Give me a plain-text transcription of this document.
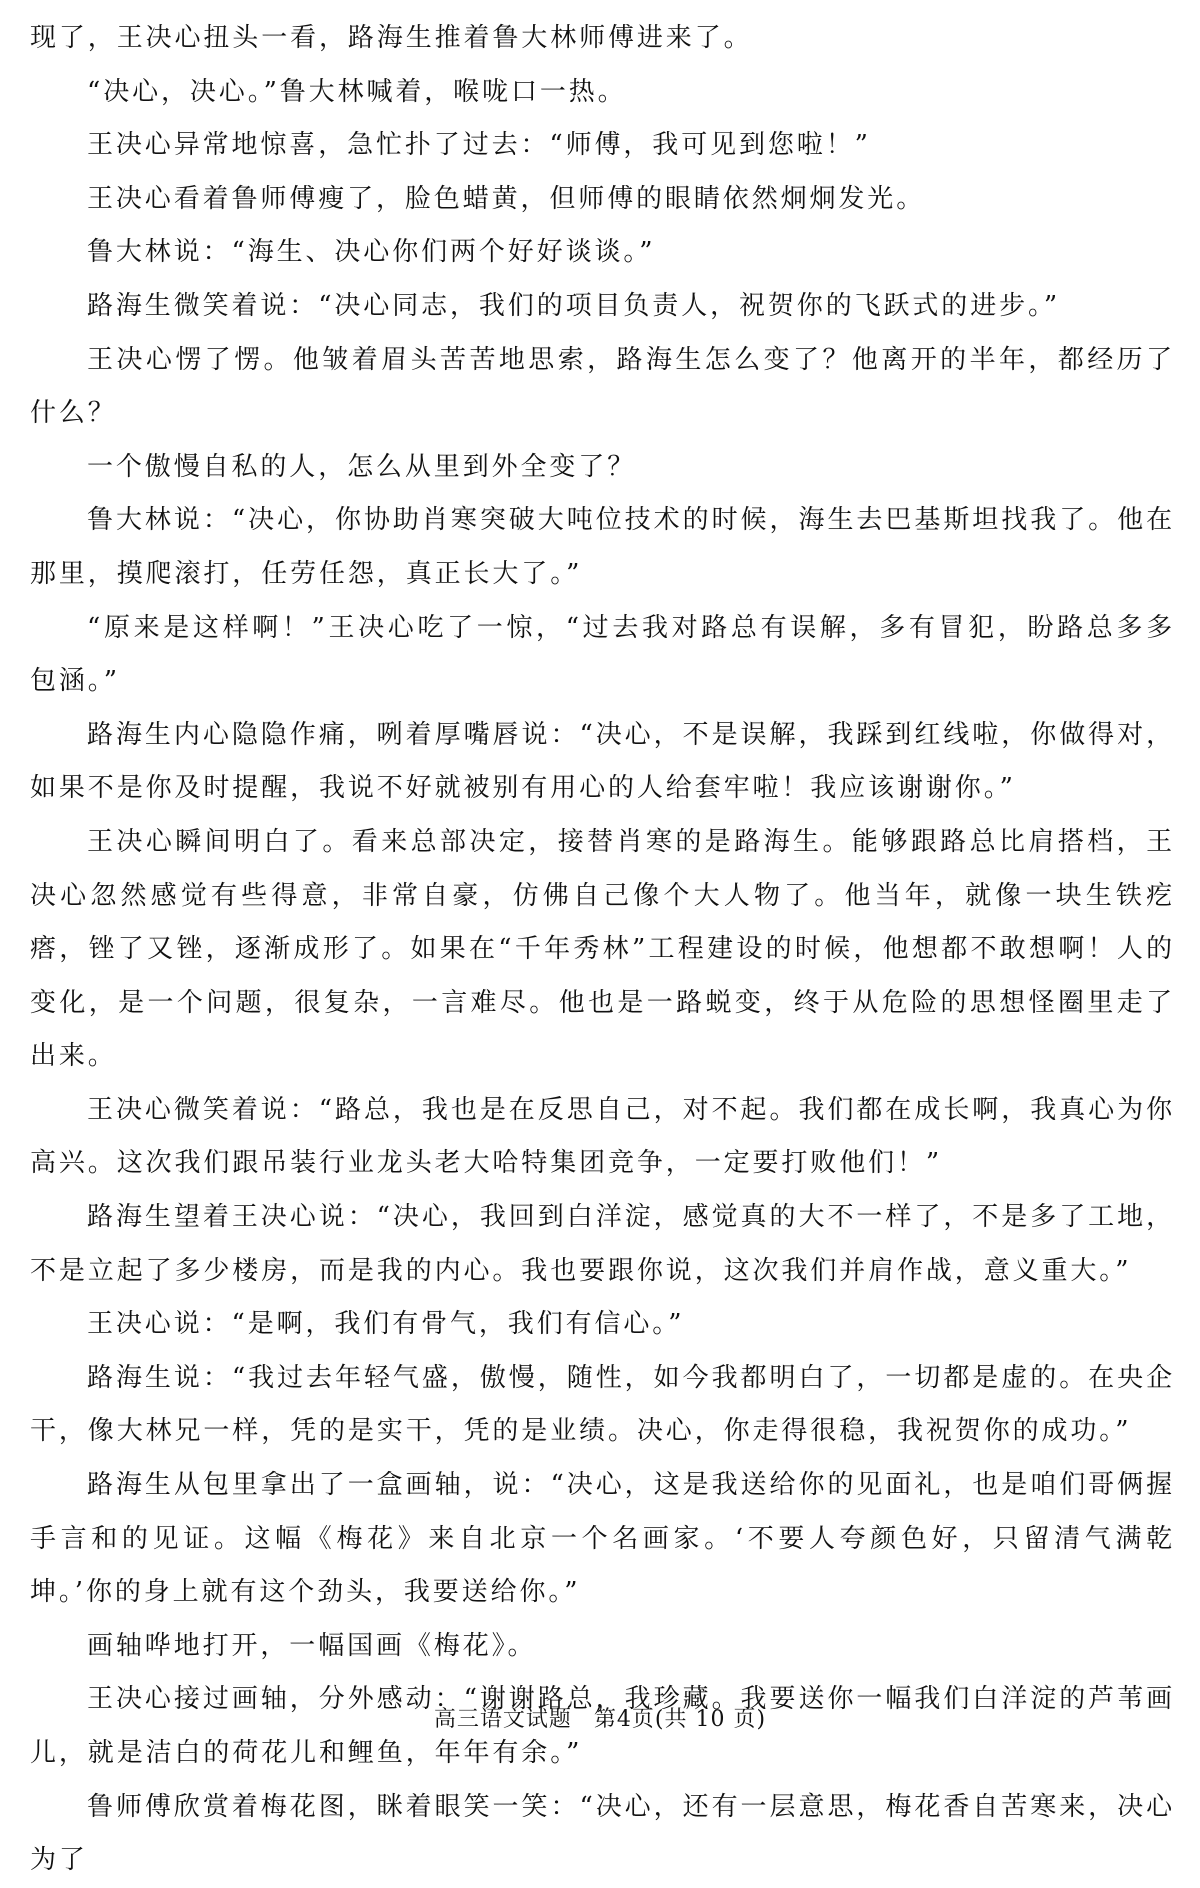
现了，王决心扭头一看，路海生推着鲁大林师傅进来了。

“决心，决心。”鲁大林喊着，喉咙口一热。

王决心异常地惊喜，急忙扑了过去：“师傅，我可见到您啦！”

王决心看着鲁师傅瘦了，脸色蜡黄，但师傅的眼睛依然炯炯发光。

鲁大林说：“海生、决心你们两个好好谈谈。”

路海生微笑着说：“决心同志，我们的项目负责人，祝贺你的飞跃式的进步。”

王决心愣了愣。他皱着眉头苦苦地思索，路海生怎么变了？他离开的半年，都经历了什么？

一个傲慢自私的人，怎么从里到外全变了？

鲁大林说：“决心，你协助肖寒突破大吨位技术的时候，海生去巴基斯坦找我了。他在那里，摸爬滚打，任劳任怨，真正长大了。”

“原来是这样啊！”王决心吃了一惊，“过去我对路总有误解，多有冒犯，盼路总多多包涵。”

路海生内心隐隐作痛，咧着厚嘴唇说：“决心，不是误解，我踩到红线啦，你做得对，如果不是你及时提醒，我说不好就被别有用心的人给套牢啦！我应该谢谢你。”

王决心瞬间明白了。看来总部决定，接替肖寒的是路海生。能够跟路总比肩搭档，王决心忽然感觉有些得意，非常自豪，仿佛自己像个大人物了。他当年，就像一块生铁疙瘩，锉了又锉，逐渐成形了。如果在“千年秀林”工程建设的时候，他想都不敢想啊！人的变化，是一个问题，很复杂，一言难尽。他也是一路蜕变，终于从危险的思想怪圈里走了出来。

王决心微笑着说：“路总，我也是在反思自己，对不起。我们都在成长啊，我真心为你高兴。这次我们跟吊装行业龙头老大哈特集团竞争，一定要打败他们！”

路海生望着王决心说：“决心，我回到白洋淀，感觉真的大不一样了，不是多了工地，不是立起了多少楼房，而是我的内心。我也要跟你说，这次我们并肩作战，意义重大。”

王决心说：“是啊，我们有骨气，我们有信心。”

路海生说：“我过去年轻气盛，傲慢，随性，如今我都明白了，一切都是虚的。在央企干，像大林兄一样，凭的是实干，凭的是业绩。决心，你走得很稳，我祝贺你的成功。”

路海生从包里拿出了一盒画轴，说：“决心，这是我送给你的见面礼，也是咱们哥俩握手言和的见证。这幅《梅花》来自北京一个名画家。‘不要人夸颜色好，只留清气满乾坤。’你的身上就有这个劲头，我要送给你。”

画轴哗地打开，一幅国画《梅花》。

王决心接过画轴，分外感动：“谢谢路总，我珍藏。我要送你一幅我们白洋淀的芦苇画儿，就是洁白的荷花儿和鲤鱼，年年有余。”

鲁师傅欣赏着梅花图，眯着眼笑一笑：“决心，还有一层意思，梅花香自苦寒来，决心为了

高三语文试题 第4页(共 10 页)
